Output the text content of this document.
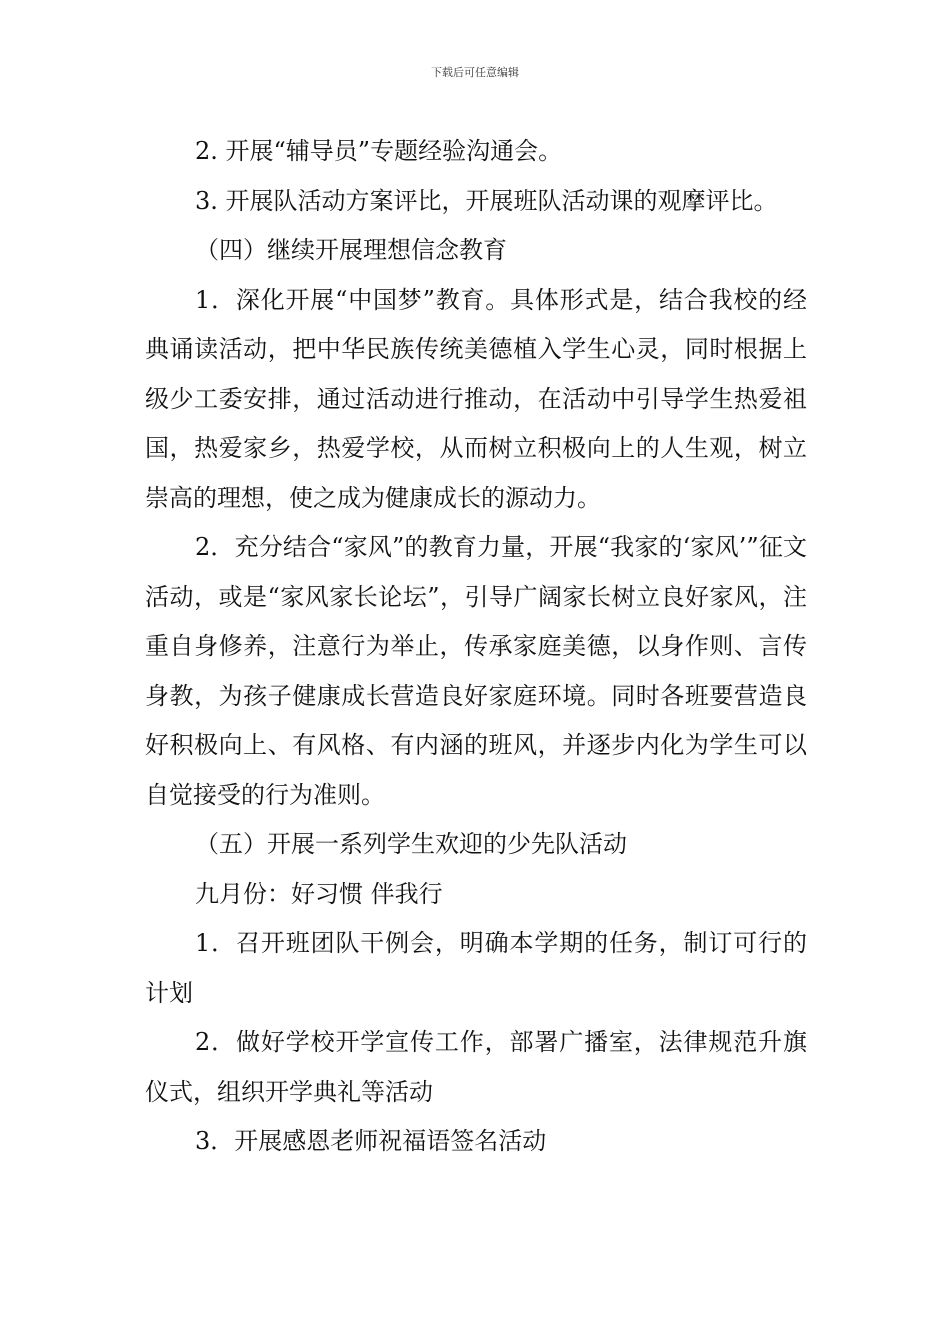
下载后可任意编辑

2. 开展“辅导员”专题经验沟通会。

3. 开展队活动方案评比，开展班队活动课的观摩评比。

（四）继续开展理想信念教育

1．深化开展“中国梦”教育。具体形式是，结合我校的经典诵读活动，把中华民族传统美德植入学生心灵，同时根据上级少工委安排，通过活动进行推动，在活动中引导学生热爱祖国，热爱家乡，热爱学校，从而树立积极向上的人生观，树立崇高的理想，使之成为健康成长的源动力。

2．充分结合“家风”的教育力量，开展“我家的‘家风’”征文活动，或是“家风家长论坛”，引导广阔家长树立良好家风，注重自身修养，注意行为举止，传承家庭美德，以身作则、言传身教，为孩子健康成长营造良好家庭环境。同时各班要营造良好积极向上、有风格、有内涵的班风，并逐步内化为学生可以自觉接受的行为准则。

（五）开展一系列学生欢迎的少先队活动

九月份：好习惯 伴我行

1．召开班团队干例会，明确本学期的任务，制订可行的计划

2．做好学校开学宣传工作，部署广播室，法律规范升旗仪式，组织开学典礼等活动

3．开展感恩老师祝福语签名活动
